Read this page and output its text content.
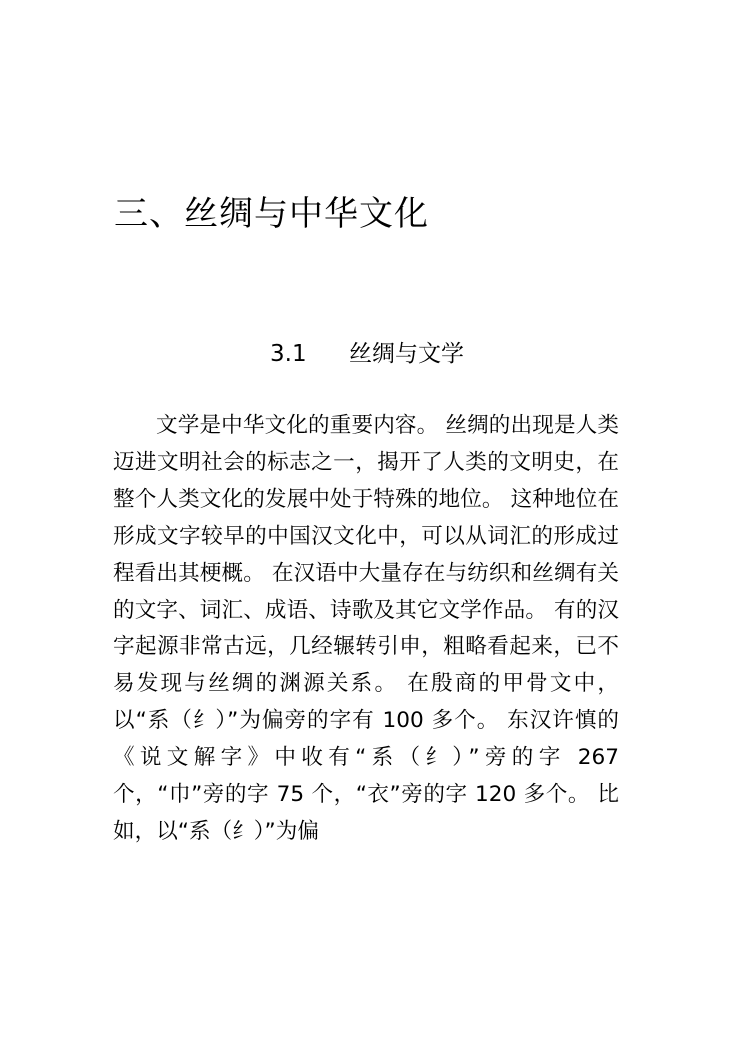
三、丝绸与中华文化
3.1 丝绸与文学

文学是中华文化的重要内容。 丝绸的出现是人类迈进文明社会的标志之一，揭开了人类的文明史，在整个人类文化的发展中处于特殊的地位。 这种地位在形成文字较早的中国汉文化中，可以从词汇的形成过程看出其梗概。 在汉语中大量存在与纺织和丝绸有关的文字、词汇、成语、诗歌及其它文学作品。 有的汉字起源非常古远，几经辗转引申，粗略看起来，已不易发现与丝绸的渊源关系。 在殷商的甲骨文中，以“系（纟）”为偏旁的字有 100 多个。 东汉许慎的《说文解字》中收有“系（纟）”旁的字 267 个，“巾”旁的字 75 个，“衣”旁的字 120 多个。 比如，以“系（纟）”为偏
